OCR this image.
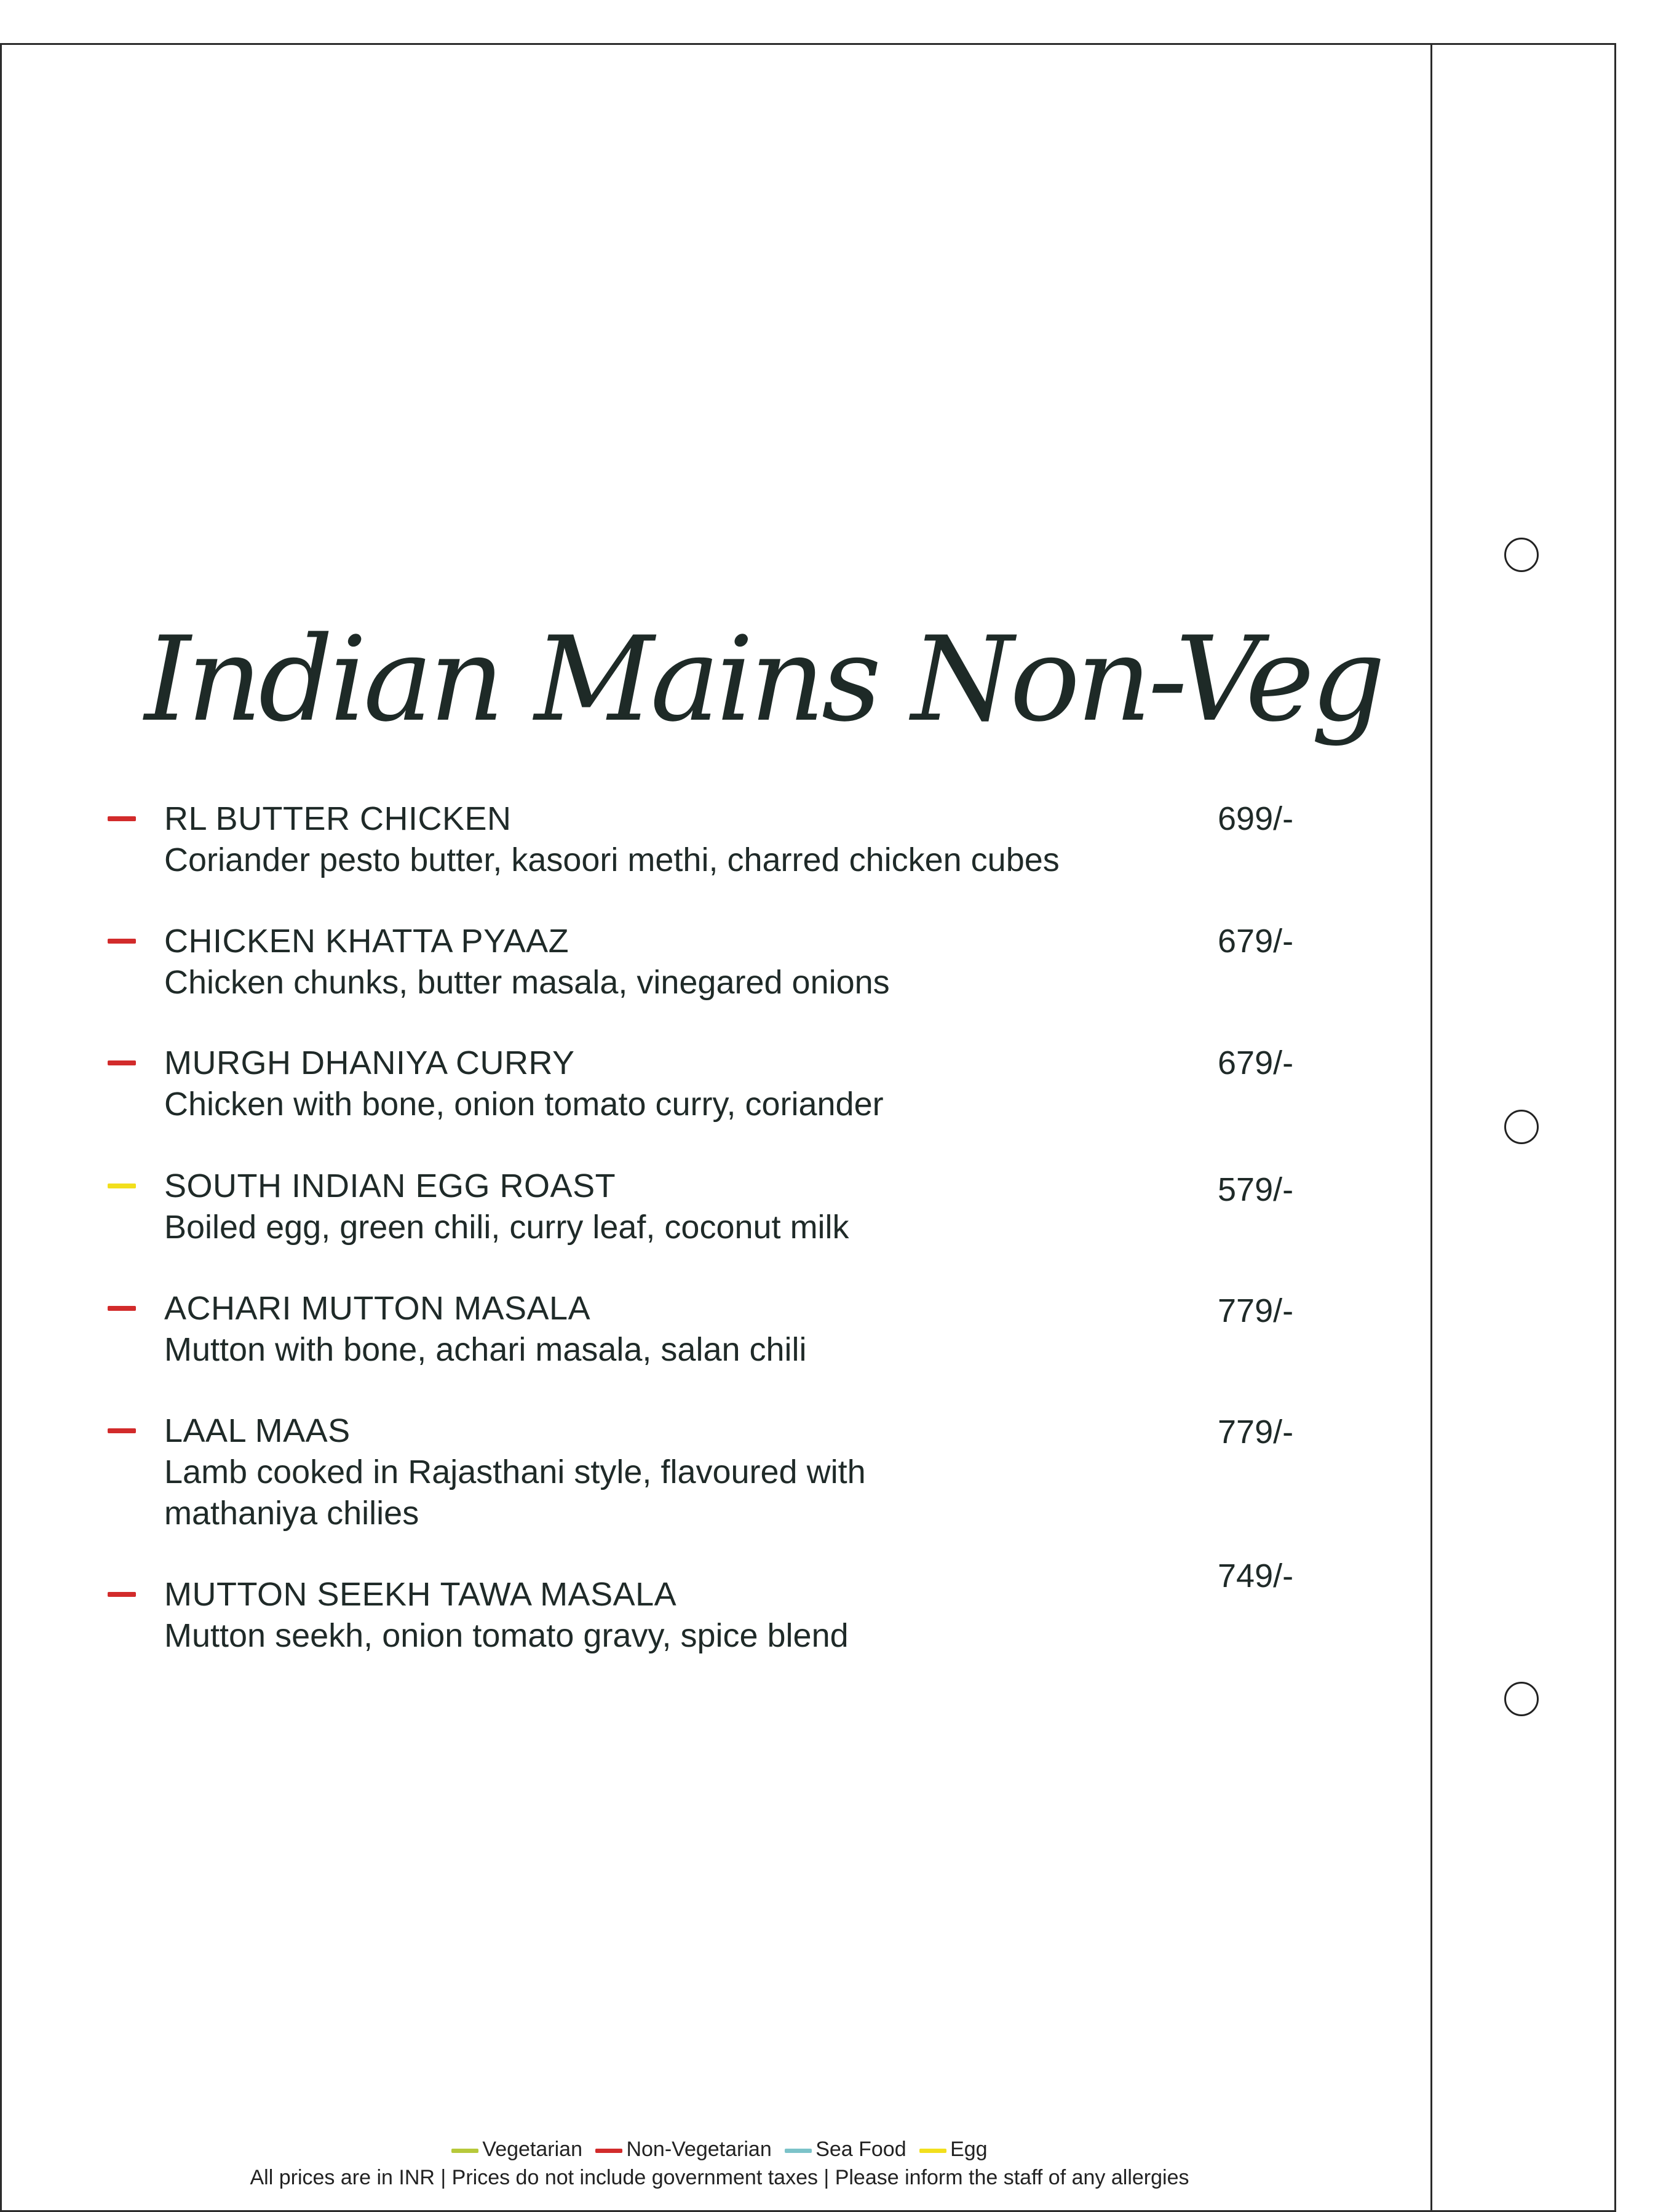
Indian Mains Non-Veg
RL BUTTER CHICKEN
Coriander pesto butter, kasoori methi, charred chicken cubes
699/-
CHICKEN KHATTA PYAAZ
Chicken chunks, butter masala, vinegared onions
679/-
MURGH DHANIYA CURRY
Chicken with bone, onion tomato curry, coriander
679/-
SOUTH INDIAN EGG ROAST
Boiled egg, green chili, curry leaf, coconut milk
579/-
ACHARI MUTTON MASALA
Mutton with bone, achari masala, salan chili
779/-
LAAL MAAS
Lamb cooked in Rajasthani style, flavoured with mathaniya chilies
779/-
MUTTON SEEKH TAWA MASALA
Mutton seekh, onion tomato gravy, spice blend
749/-
Vegetarian Non-Vegetarian Sea Food Egg
All prices are in INR | Prices do not include government taxes | Please inform the staff of any allergies
